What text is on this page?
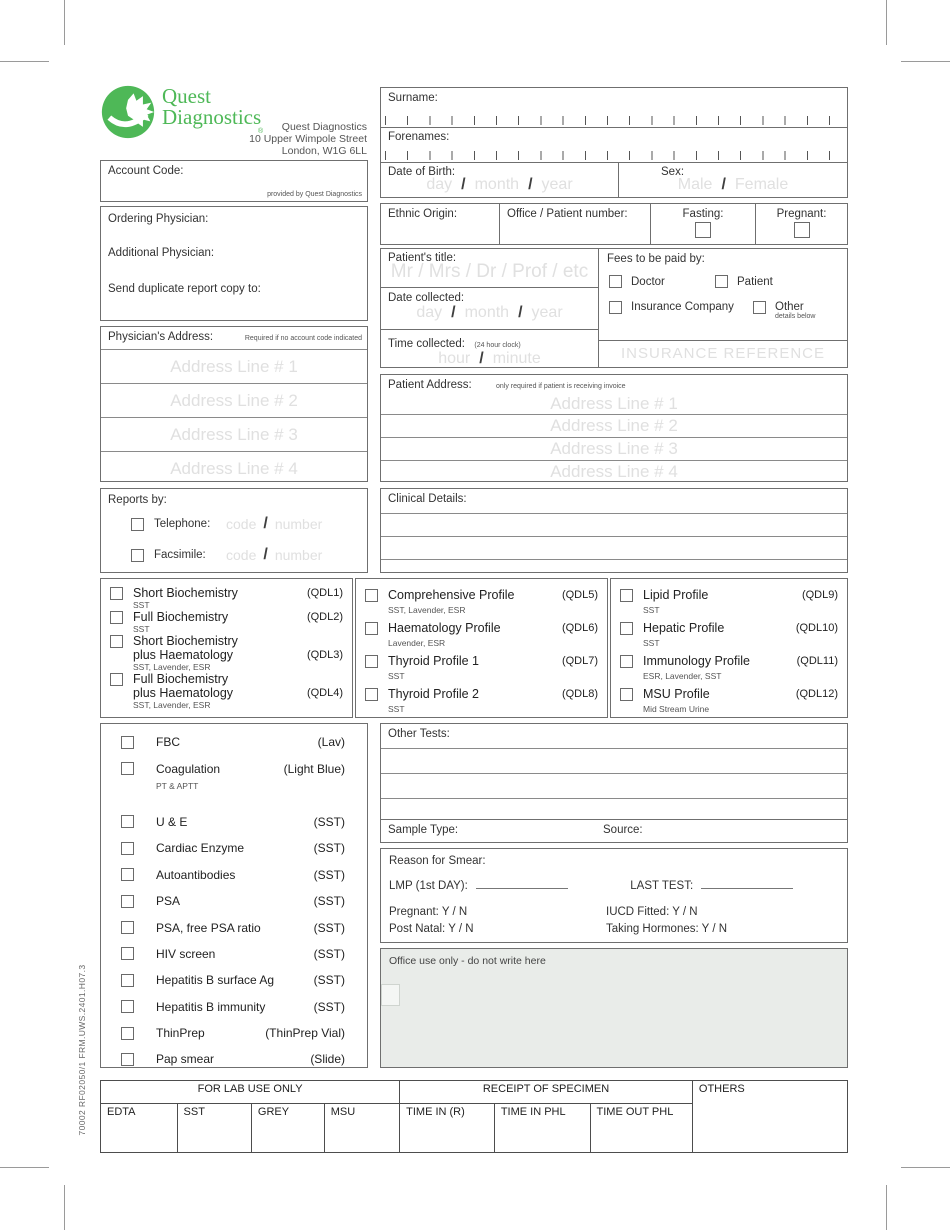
Quest
Diagnostics
®	Quest Diagnostics
10 Upper Wimpole Street
London, W1G 6LL
Account Code:
provided by Quest Diagnostics
Ordering Physician:
Additional Physician:
Send duplicate report copy to:
Physician's Address:	Required if no account code indicated
Address Line # 1
Address Line # 2
Address Line # 3
Address Line # 4
Reports by:
Telephone:	code / number
Facsimile:	code / number
Surname:
Forenames:
Date of Birth:
day / month / year
Sex:
Male / Female
Ethnic Origin:	Office / Patient number:	Fasting:	Pregnant:
Patient's title:
Mr / Mrs / Dr / Prof / etc
Date collected:
day / month / year
Time collected: (24 hour clock)
hour / minute
Fees to be paid by:
Doctor	Patient
Insurance Company	Other
details below
INSURANCE REFERENCE
Patient Address:	only required if patient is receiving invoice
Address Line # 1
Address Line # 2
Address Line # 3
Address Line # 4
Clinical Details:
Short Biochemistry	(QDL1)
SST
Full Biochemistry	(QDL2)
SST
Short Biochemistry
plus Haematology	(QDL3)
SST, Lavender, ESR
Full Biochemistry
plus Haematology	(QDL4)
SST, Lavender, ESR
Comprehensive Profile	(QDL5)
SST, Lavender, ESR
Haematology Profile	(QDL6)
Lavender, ESR
Thyroid Profile 1	(QDL7)
SST
Thyroid Profile 2	(QDL8)
SST
Lipid Profile	(QDL9)
SST
Hepatic Profile	(QDL10)
SST
Immunology Profile	(QDL11)
ESR, Lavender, SST
MSU Profile	(QDL12)
Mid Stream Urine
FBC	(Lav)
Coagulation	(Light Blue)
PT & APTT
U & E	(SST)
Cardiac Enzyme	(SST)
Autoantibodies	(SST)
PSA	(SST)
PSA, free PSA ratio	(SST)
HIV screen	(SST)
Hepatitis B surface Ag	(SST)
Hepatitis B immunity	(SST)
ThinPrep	(ThinPrep Vial)
Pap smear	(Slide)
Other Tests:
Sample Type:	Source:
Reason for Smear:
LMP (1st DAY):	LAST TEST:
Pregnant: Y / N	IUCD Fitted: Y / N
Post Natal: Y / N	Taking Hormones: Y / N
Office use only - do not write here
FOR LAB USE ONLY				RECEIPT OF SPECIMEN			OTHERS
EDTA	SST	GREY	MSU	TIME IN (R)	TIME IN PHL	TIME OUT PHL	
70002 RF02050/1 FRM.UWS.2401.H07.3
